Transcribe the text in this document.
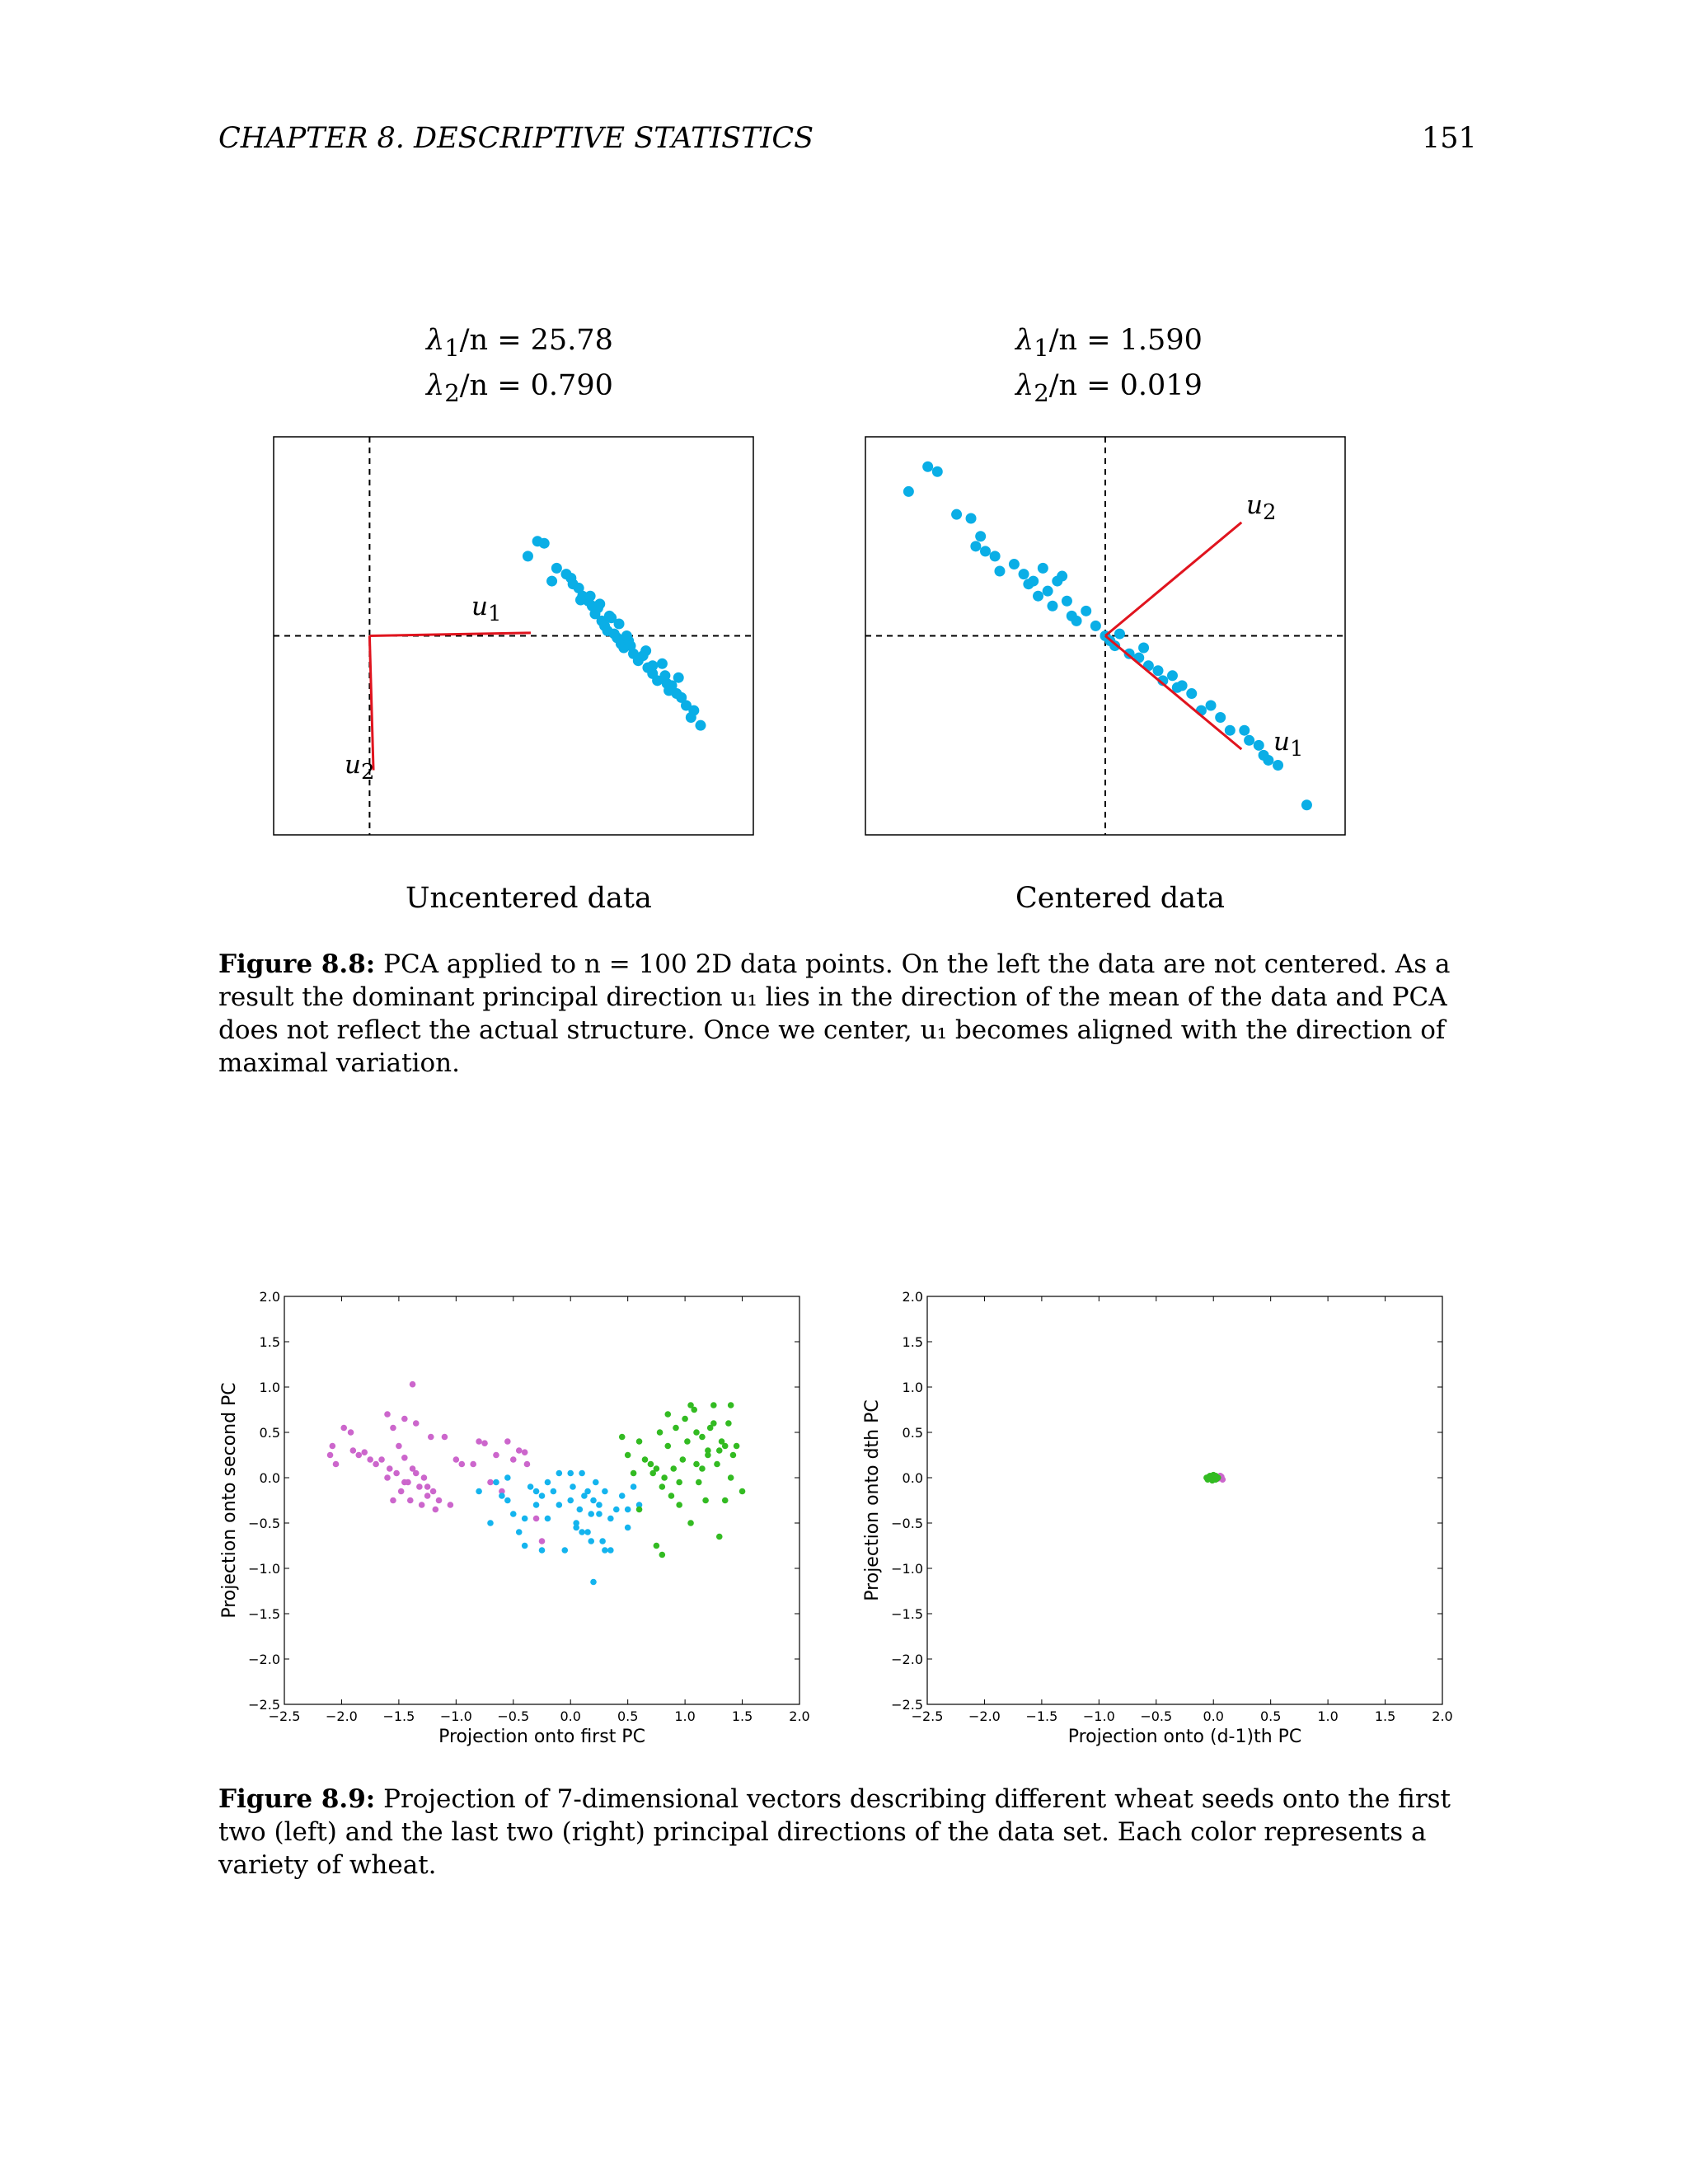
CHAPTER 8. DESCRIPTIVE STATISTICS	151
$\lambda_1/n = 25.78$
$\lambda_2/n = 0.790$
$\lambda_1/n = 1.590$
$\lambda_2/n = 0.019$
$u_1$
$u_2$
$u_2$
$u_1$
Uncentered data	Centered data
Figure 8.8: PCA applied to n = 100 2D data points. On the left the data are not centered. As a result the dominant principal direction u₁ lies in the direction of the mean of the data and PCA does not reflect the actual structure. Once we center, u₁ becomes aligned with the direction of maximal variation.
−2.5 −2.0 −1.5 −1.0 −0.5 0.0	0.5	1.0	1.5	2.0
−2.5
−2.0
−1.5
−1.0
−0.5
0.0
0.5
1.0
1.5
2.0
Projection onto first PC
Projection onto second PC
−2.5 −2.0 −1.5 −1.0 −0.5 0.0	0.5	1.0	1.5	2.0
−2.5
−2.0
−1.5
−1.0
−0.5
0.0
0.5
1.0
1.5
2.0
Projection onto (d-1)th PC
Projection onto dth PC
Figure 8.9: Projection of 7-dimensional vectors describing different wheat seeds onto the first two (left) and the last two (right) principal directions of the data set. Each color represents a variety of wheat.
